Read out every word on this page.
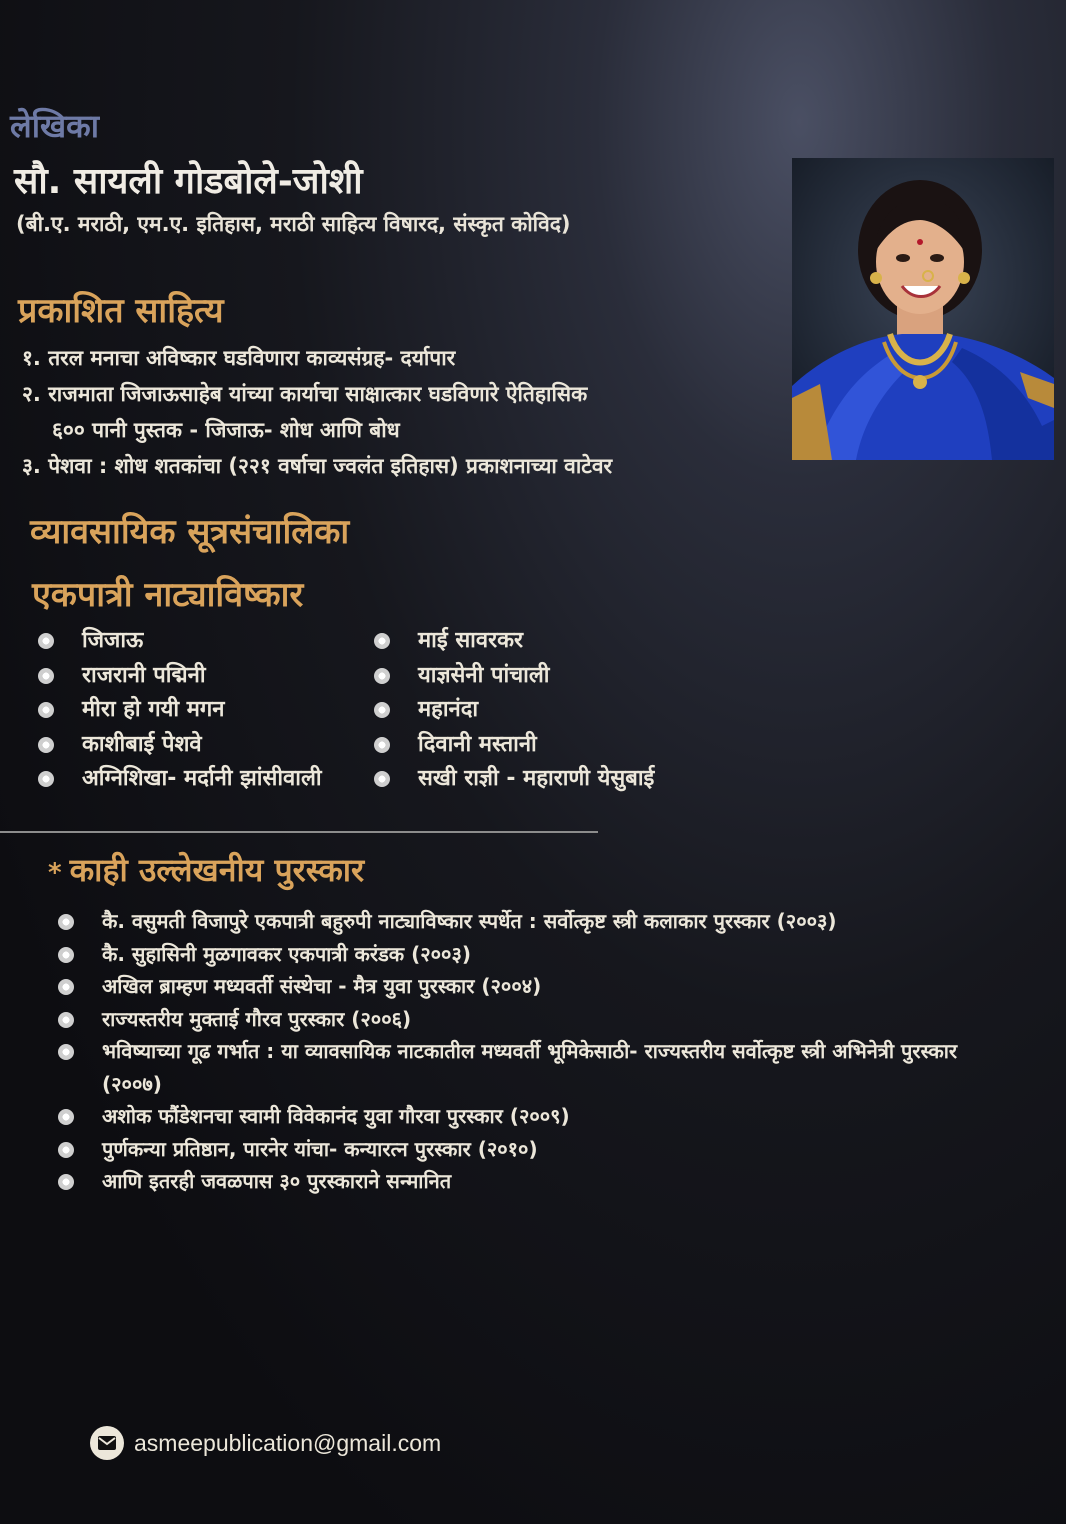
लेखिका
सौ. सायली गोडबोले-जोशी

(बी.ए. मराठी, एम.ए. इतिहास, मराठी साहित्य विषारद, संस्कृत कोविद)

प्रकाशित साहित्य
१. तरल मनाचा अविष्कार घडविणारा काव्यसंग्रह- दर्यापार
२. राजमाता जिजाऊसाहेब यांच्या कार्याचा साक्षात्कार घडविणारे ऐतिहासिक
६०० पानी पुस्तक - जिजाऊ- शोध आणि बोध
३. पेशवा : शोध शतकांचा (२२१ वर्षाचा ज्वलंत इतिहास) प्रकाशनाच्या वाटेवर
व्यावसायिक सूत्रसंचालिका
एकपात्री नाट्याविष्कार
जिजाऊ
राजरानी पद्मिनी
मीरा हो गयी मगन
काशीबाई पेशवे
अग्निशिखा- मर्दानी झांसीवाली
माई सावरकर
याज्ञसेनी पांचाली
महानंदा
दिवानी मस्तानी
सखी राज्ञी - महाराणी येसुबाई
* काही उल्लेखनीय पुरस्कार
कै. वसुमती विजापुरे एकपात्री बहुरुपी नाट्याविष्कार स्पर्धेत : सर्वोत्कृष्ट स्त्री कलाकार पुरस्कार (२००३)
कै. सुहासिनी मुळगावकर एकपात्री करंडक (२००३)
अखिल ब्राम्हण मध्यवर्ती संस्थेचा - मैत्र युवा पुरस्कार (२००४)
राज्यस्तरीय मुक्ताई गौरव पुरस्कार (२००६)
भविष्याच्या गूढ गर्भात : या व्यावसायिक नाटकातील मध्यवर्ती भूमिकेसाठी- राज्यस्तरीय सर्वोत्कृष्ट स्त्री अभिनेत्री पुरस्कार (२००७)
अशोक फौंडेशनचा स्वामी विवेकानंद युवा गौरवा पुरस्कार (२००९)
पुर्णकन्या प्रतिष्ठान, पारनेर यांचा- कन्यारत्न पुरस्कार (२०१०)
आणि इतरही जवळपास ३० पुरस्काराने सन्मानित
asmeepublication@gmail.com
